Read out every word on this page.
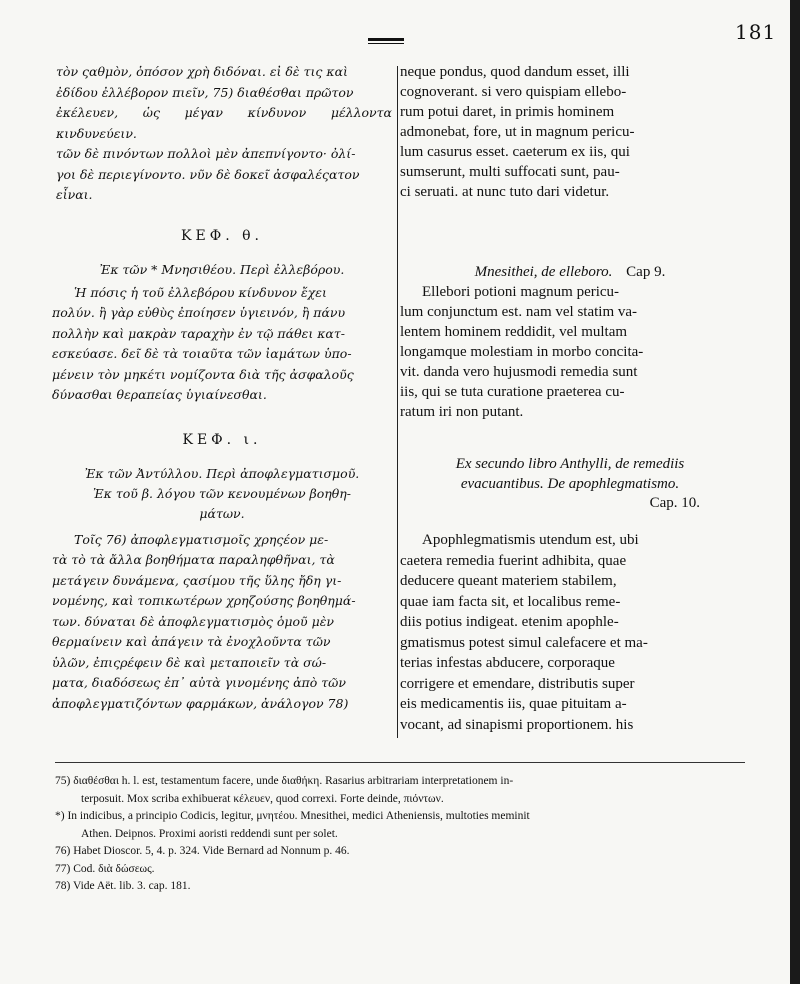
181
τὸν ςαθμὸν, ὁπόσον χρὴ διδόναι. εἰ δὲ τις καὶ
ἐδίδου ἐλλέβορον πιεῖν, 75) διαθέσθαι πρῶτον
ἐκέλευεν, ὡς μέγαν κίνδυνον μέλλοντα κινδυνεύειν.
τῶν δὲ πινόντων πολλοὶ μὲν ἀπεπνίγοντο· ὀλί-
γοι δὲ περιεγίνοντο. νῦν δὲ δοκεῖ ἀσφαλέςατον
εἶναι.
ΚΕΦ. θ.
Ἐκ τῶν * Μνησιθέου. Περὶ ἐλλεβόρου.
Ἡ πόσις ἡ τοῦ ἐλλεβόρου κίνδυνον ἔχει
πολύν. ἢ γὰρ εὐθὺς ἐποίησεν ὑγιεινόν, ἢ πάνυ
πολλὴν καὶ μακρὰν ταραχὴν ἐν τῷ πάθει κατ-
εσκεύασε. δεῖ δὲ τὰ τοιαῦτα τῶν ἰαμάτων ὑπο-
μένειν τὸν μηκέτι νομίζοντα διὰ τῆς ἀσφαλοῦς
δύνασθαι θεραπείας ὑγιαίνεσθαι.
ΚΕΦ. ι.
Ἐκ τῶν Ἀντύλλου. Περὶ ἀποφλεγματισμοῦ.
Ἐκ τοῦ β. λόγου τῶν κενουμένων βοηθη-
μάτων.
Τοῖς 76) ἀποφλεγματισμοῖς χρηςέον με-
τὰ τὸ τὰ ἄλλα βοηθήματα παραληφθῆναι, τὰ
μετάγειν δυνάμενα, ςασίμου τῆς ὕλης ἤδη γι-
νομένης, καὶ τοπικωτέρων χρηζούσης βοηθημά-
των. δύναται δὲ ἀποφλεγματισμὸς ὁμοῦ μὲν
θερμαίνειν καὶ ἀπάγειν τὰ ἐνοχλοῦντα τῶν
ὑλῶν, ἐπιςρέφειν δὲ καὶ μεταποιεῖν τὰ σώ-
ματα, διαδόσεως ἐπ᾽ αὐτὰ γινομένης ἀπὸ τῶν
ἀποφλεγματιζόντων φαρμάκων, ἀνάλογον 78)
neque pondus, quod dandum esset, illi
cognoverant. si vero quispiam ellebo-
rum potui daret, in primis hominem
admonebat, fore, ut in magnum pericu-
lum casurus esset. caeterum ex iis, qui
sumserunt, multi suffocati sunt, pau-
ci seruati. at nunc tuto dari videtur.
Mnesithei, de elleboro. Cap 9.
Ellebori potioni magnum pericu-
lum conjunctum est. nam vel statim va-
lentem hominem reddidit, vel multam
longamque molestiam in morbo concita-
vit. danda vero hujusmodi remedia sunt
iis, qui se tuta curatione praeterea cu-
ratum iri non putant.
Ex secundo libro Anthylli, de remediis
evacuantibus. De apophlegmatismo.
Cap. 10.
Apophlegmatismis utendum est, ubi
caetera remedia fuerint adhibita, quae
deducere queant materiem stabilem,
quae iam facta sit, et localibus reme-
diis potius indigeat. etenim apophle-
gmatismus potest simul calefacere et ma-
terias infestas abducere, corporaque
corrigere et emendare, distributis super
eis medicamentis iis, quae pituitam a-
vocant, ad sinapismi proportionem. his

75) διαθέσθαι h. l. est, testamentum facere, unde διαθήκη. Rasarius arbitrariam interpretationem in-

terposuit. Mox scriba exhibuerat κέλευεν, quod correxi. Forte deinde, πιόντων.

*) In indicibus, a principio Codicis, legitur, μνητέου. Mnesithei, medici Atheniensis, multoties meminit

Athen. Deipnos. Proximi aoristi reddendi sunt per solet.

76) Habet Dioscor. 5, 4. p. 324. Vide Bernard ad Nonnum p. 46.

77) Cod. διὰ δώσεως.

78) Vide Aët. lib. 3. cap. 181.
